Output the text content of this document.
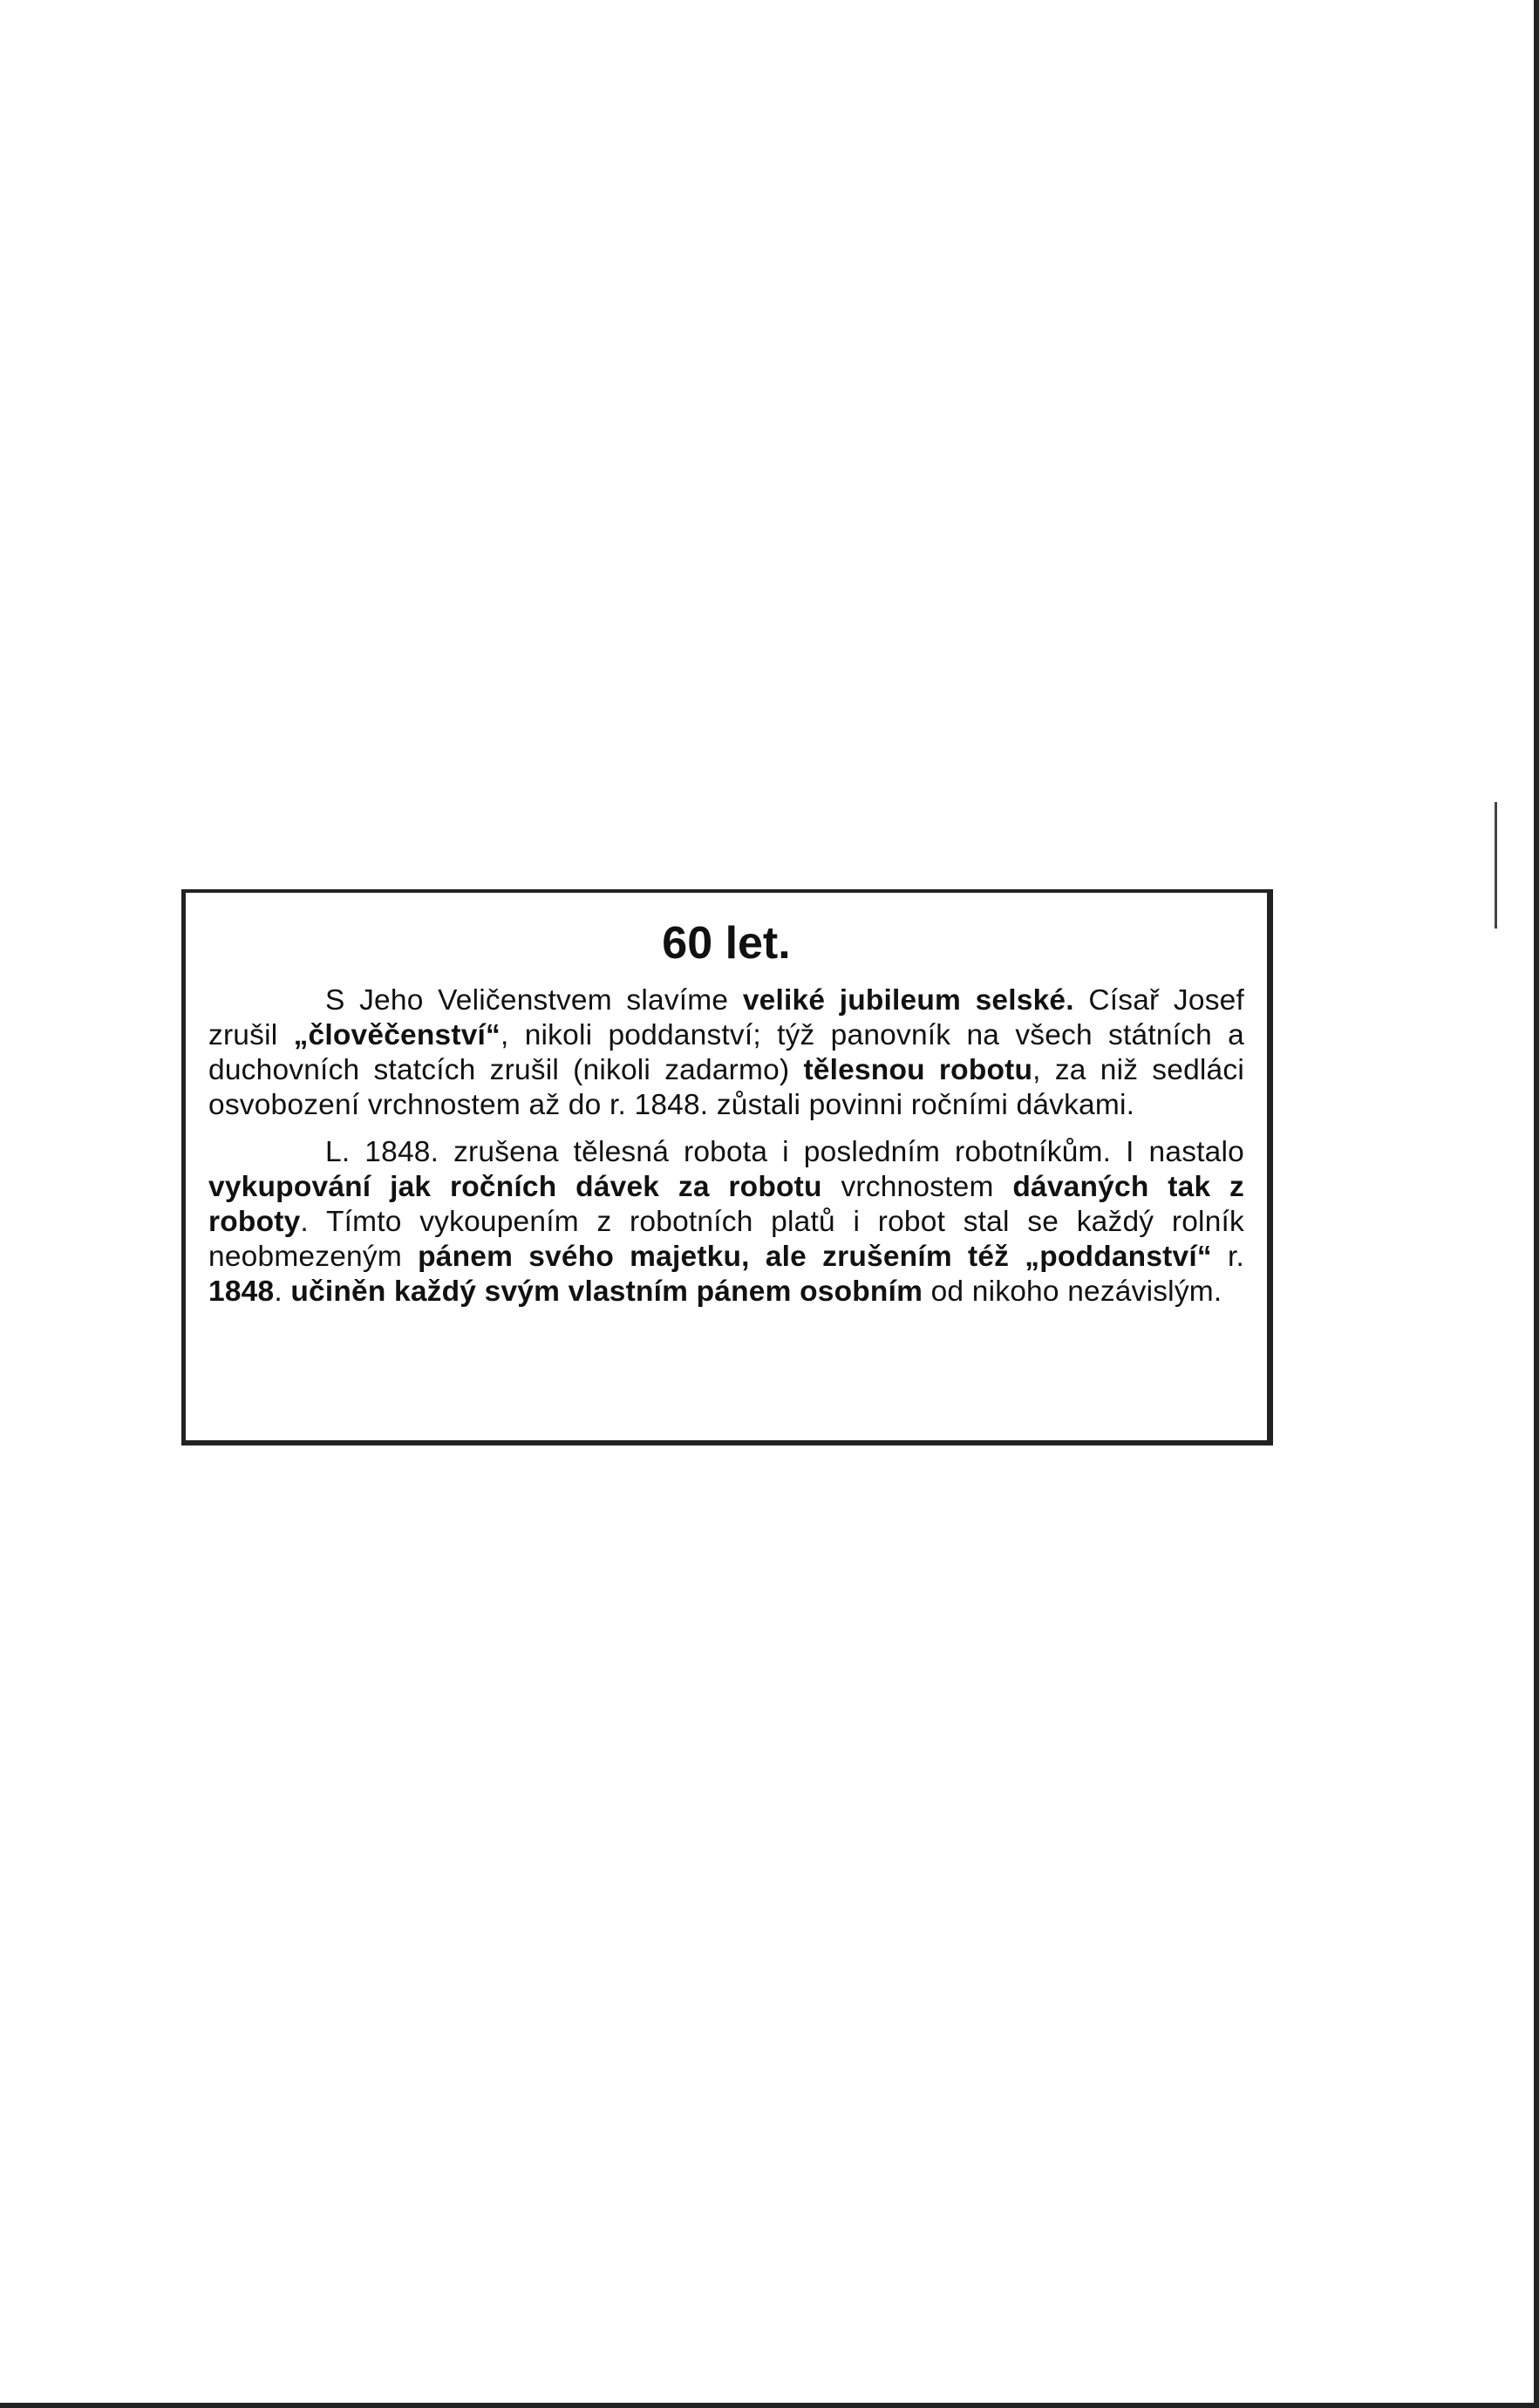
60 let.

S Jeho Veličenstvem slavíme veliké jubileum selské. Císař Josef zrušil „člověčenství“, nikoli poddanství; týž panovník na všech státních a duchovních statcích zrušil (nikoli zadarmo) tělesnou robotu, za niž sedláci osvobození vrchnostem až do r. 1848. zůstali povinni ročními dávkami.

L. 1848. zrušena tělesná robota i posledním robotníkům. I nastalo vykupování jak ročních dávek za robotu vrchnostem dávaných tak z roboty. Tímto vykoupením z robotních platů i robot stal se každý rolník neobmezeným pánem svého majetku, ale zrušením též „poddanství“ r. 1848. učiněn každý svým vlastním pánem osobním od nikoho nezávislým.
